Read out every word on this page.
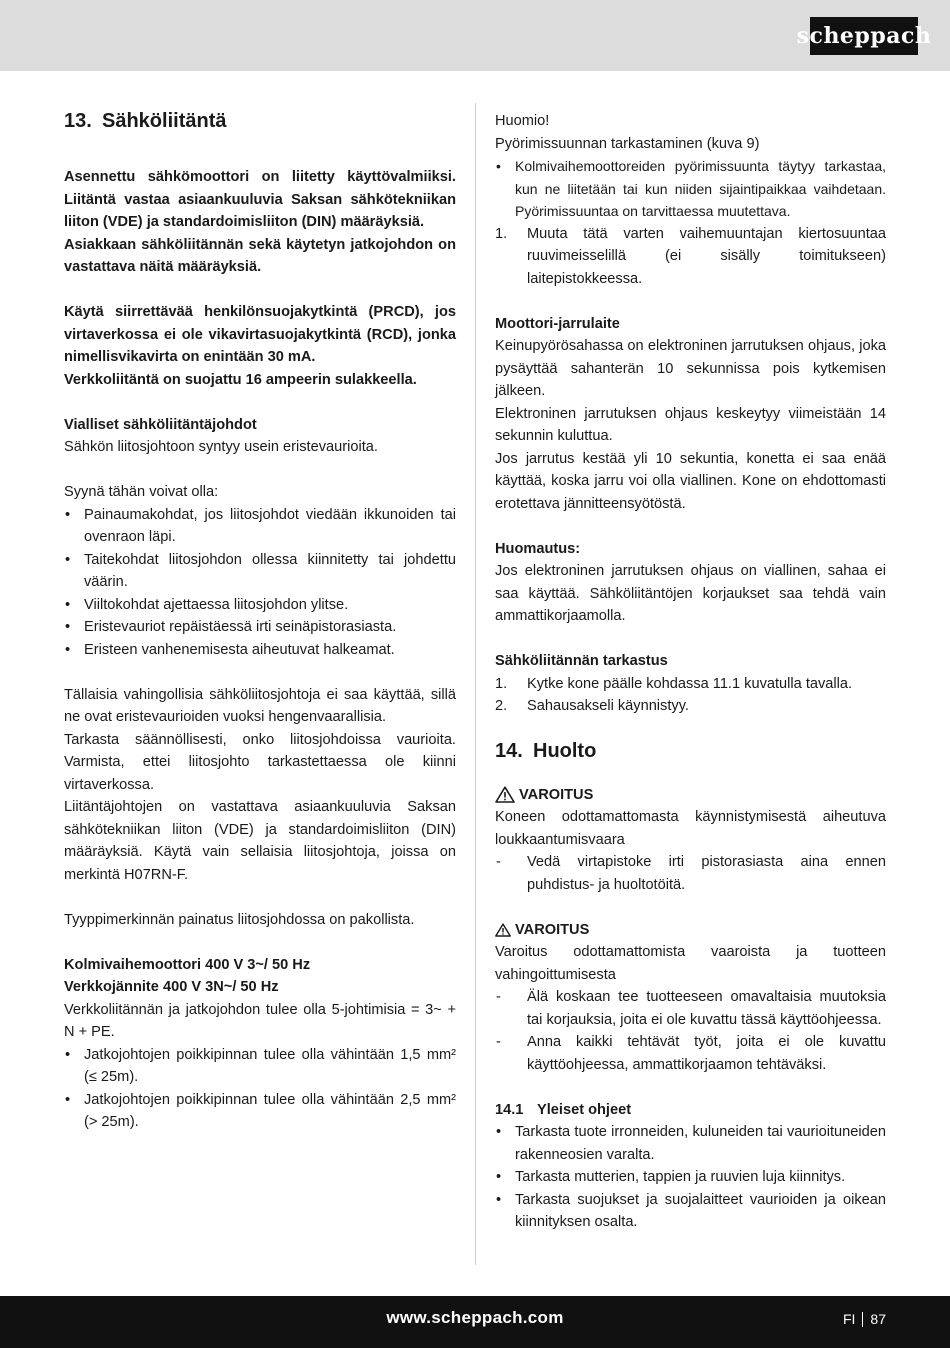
scheppach
13. Sähköliitäntä

Asennettu sähkömoottori on liitetty käyttövalmiiksi. Liitäntä vastaa asiaankuuluvia Saksan sähkötekniikan liiton (VDE) ja standardoimisliiton (DIN) määräyksiä.

Asiakkaan sähköliitännän sekä käytetyn jatkojohdon on vastattava näitä määräyksiä.

Käytä siirrettävää henkilönsuojakytkintä (PRCD), jos virtaverkossa ei ole vikavirtasuojakytkintä (RCD), jonka nimellisvikavirta on enintään 30 mA.

Verkkoliitäntä on suojattu 16 ampeerin sulakkeella.

Vialliset sähköliitäntäjohdot

Sähkön liitosjohtoon syntyy usein eristevaurioita.

Syynä tähän voivat olla:

• Painaumakohdat, jos liitosjohdot viedään ikkunoiden tai ovenraon läpi.
• Taitekohdat liitosjohdon ollessa kiinnitetty tai johdettu väärin.
• Viiltokohdat ajettaessa liitosjohdon ylitse.
• Eristevauriot repäistäessä irti seinäpistorasiasta.
• Eristeen vanhenemisesta aiheutuvat halkeamat.

Tällaisia vahingollisia sähköliitosjohtoja ei saa käyttää, sillä ne ovat eristevaurioiden vuoksi hengenvaarallisia.

Tarkasta säännöllisesti, onko liitosjohdoissa vaurioita. Varmista, ettei liitosjohto tarkastettaessa ole kiinni virtaverkossa.

Liitäntäjohtojen on vastattava asiaankuuluvia Saksan sähkötekniikan liiton (VDE) ja standardoimisliiton (DIN) määräyksiä. Käytä vain sellaisia liitosjohtoja, joissa on merkintä H07RN-F.

Tyyppimerkinnän painatus liitosjohdossa on pakollista.

Kolmivaihemoottori 400 V 3~/ 50 Hz

Verkkojännite 400 V 3N~/ 50 Hz

Verkkoliitännän ja jatkojohdon tulee olla 5-johtimisia = 3~ + N + PE.

• Jatkojohtojen poikkipinnan tulee olla vähintään 1,5 mm² (≤ 25m).
• Jatkojohtojen poikkipinnan tulee olla vähintään 2,5 mm² (> 25m).

Huomio!

Pyörimissuunnan tarkastaminen (kuva 9)

• Kolmivaihemoottoreiden pyörimissuunta täytyy tarkastaa, kun ne liitetään tai kun niiden sijaintipaikkaa vaihdetaan. Pyörimissuuntaa on tarvittaessa muutettava.
1. Muuta tätä varten vaihemuuntajan kiertosuuntaa ruuvimeisselillä (ei sisälly toimitukseen) laitepistokkeessa.

Moottori-jarrulaite

Keinupyörösahassa on elektroninen jarrutuksen ohjaus, joka pysäyttää sahanterän 10 sekunnissa pois kytkemisen jälkeen.

Elektroninen jarrutuksen ohjaus keskeytyy viimeistään 14 sekunnin kuluttua.

Jos jarrutus kestää yli 10 sekuntia, konetta ei saa enää käyttää, koska jarru voi olla viallinen. Kone on ehdottomasti erotettava jännitteensyötöstä.

Huomautus:

Jos elektroninen jarrutuksen ohjaus on viallinen, sahaa ei saa käyttää. Sähköliitäntöjen korjaukset saa tehdä vain ammattikorjaamolla.

Sähköliitännän tarkastus

1. Kytke kone päälle kohdassa 11.1 kuvatulla tavalla.
2. Sahausakseli käynnistyy.
14. Huolto
VAROITUS

Koneen odottamattomasta käynnistymisestä aiheutuva loukkaantumisvaara

- Vedä virtapistoke irti pistorasiasta aina ennen puhdistus- ja huoltotöitä.
VAROITUS

Varoitus odottamattomista vaaroista ja tuotteen vahingoittumisesta

- Älä koskaan tee tuotteeseen omavaltaisia muutoksia tai korjauksia, joita ei ole kuvattu tässä käyttöohjeessa.
- Anna kaikki tehtävät työt, joita ei ole kuvattu käyttöohjeessa, ammattikorjaamon tehtäväksi.
14.1 Yleiset ohjeet
• Tarkasta tuote irronneiden, kuluneiden tai vaurioituneiden rakenneosien varalta.
• Tarkasta mutterien, tappien ja ruuvien luja kiinnitys.
• Tarkasta suojukset ja suojalaitteet vaurioiden ja oikean kiinnityksen osalta.
www.scheppach.com	FI 87
